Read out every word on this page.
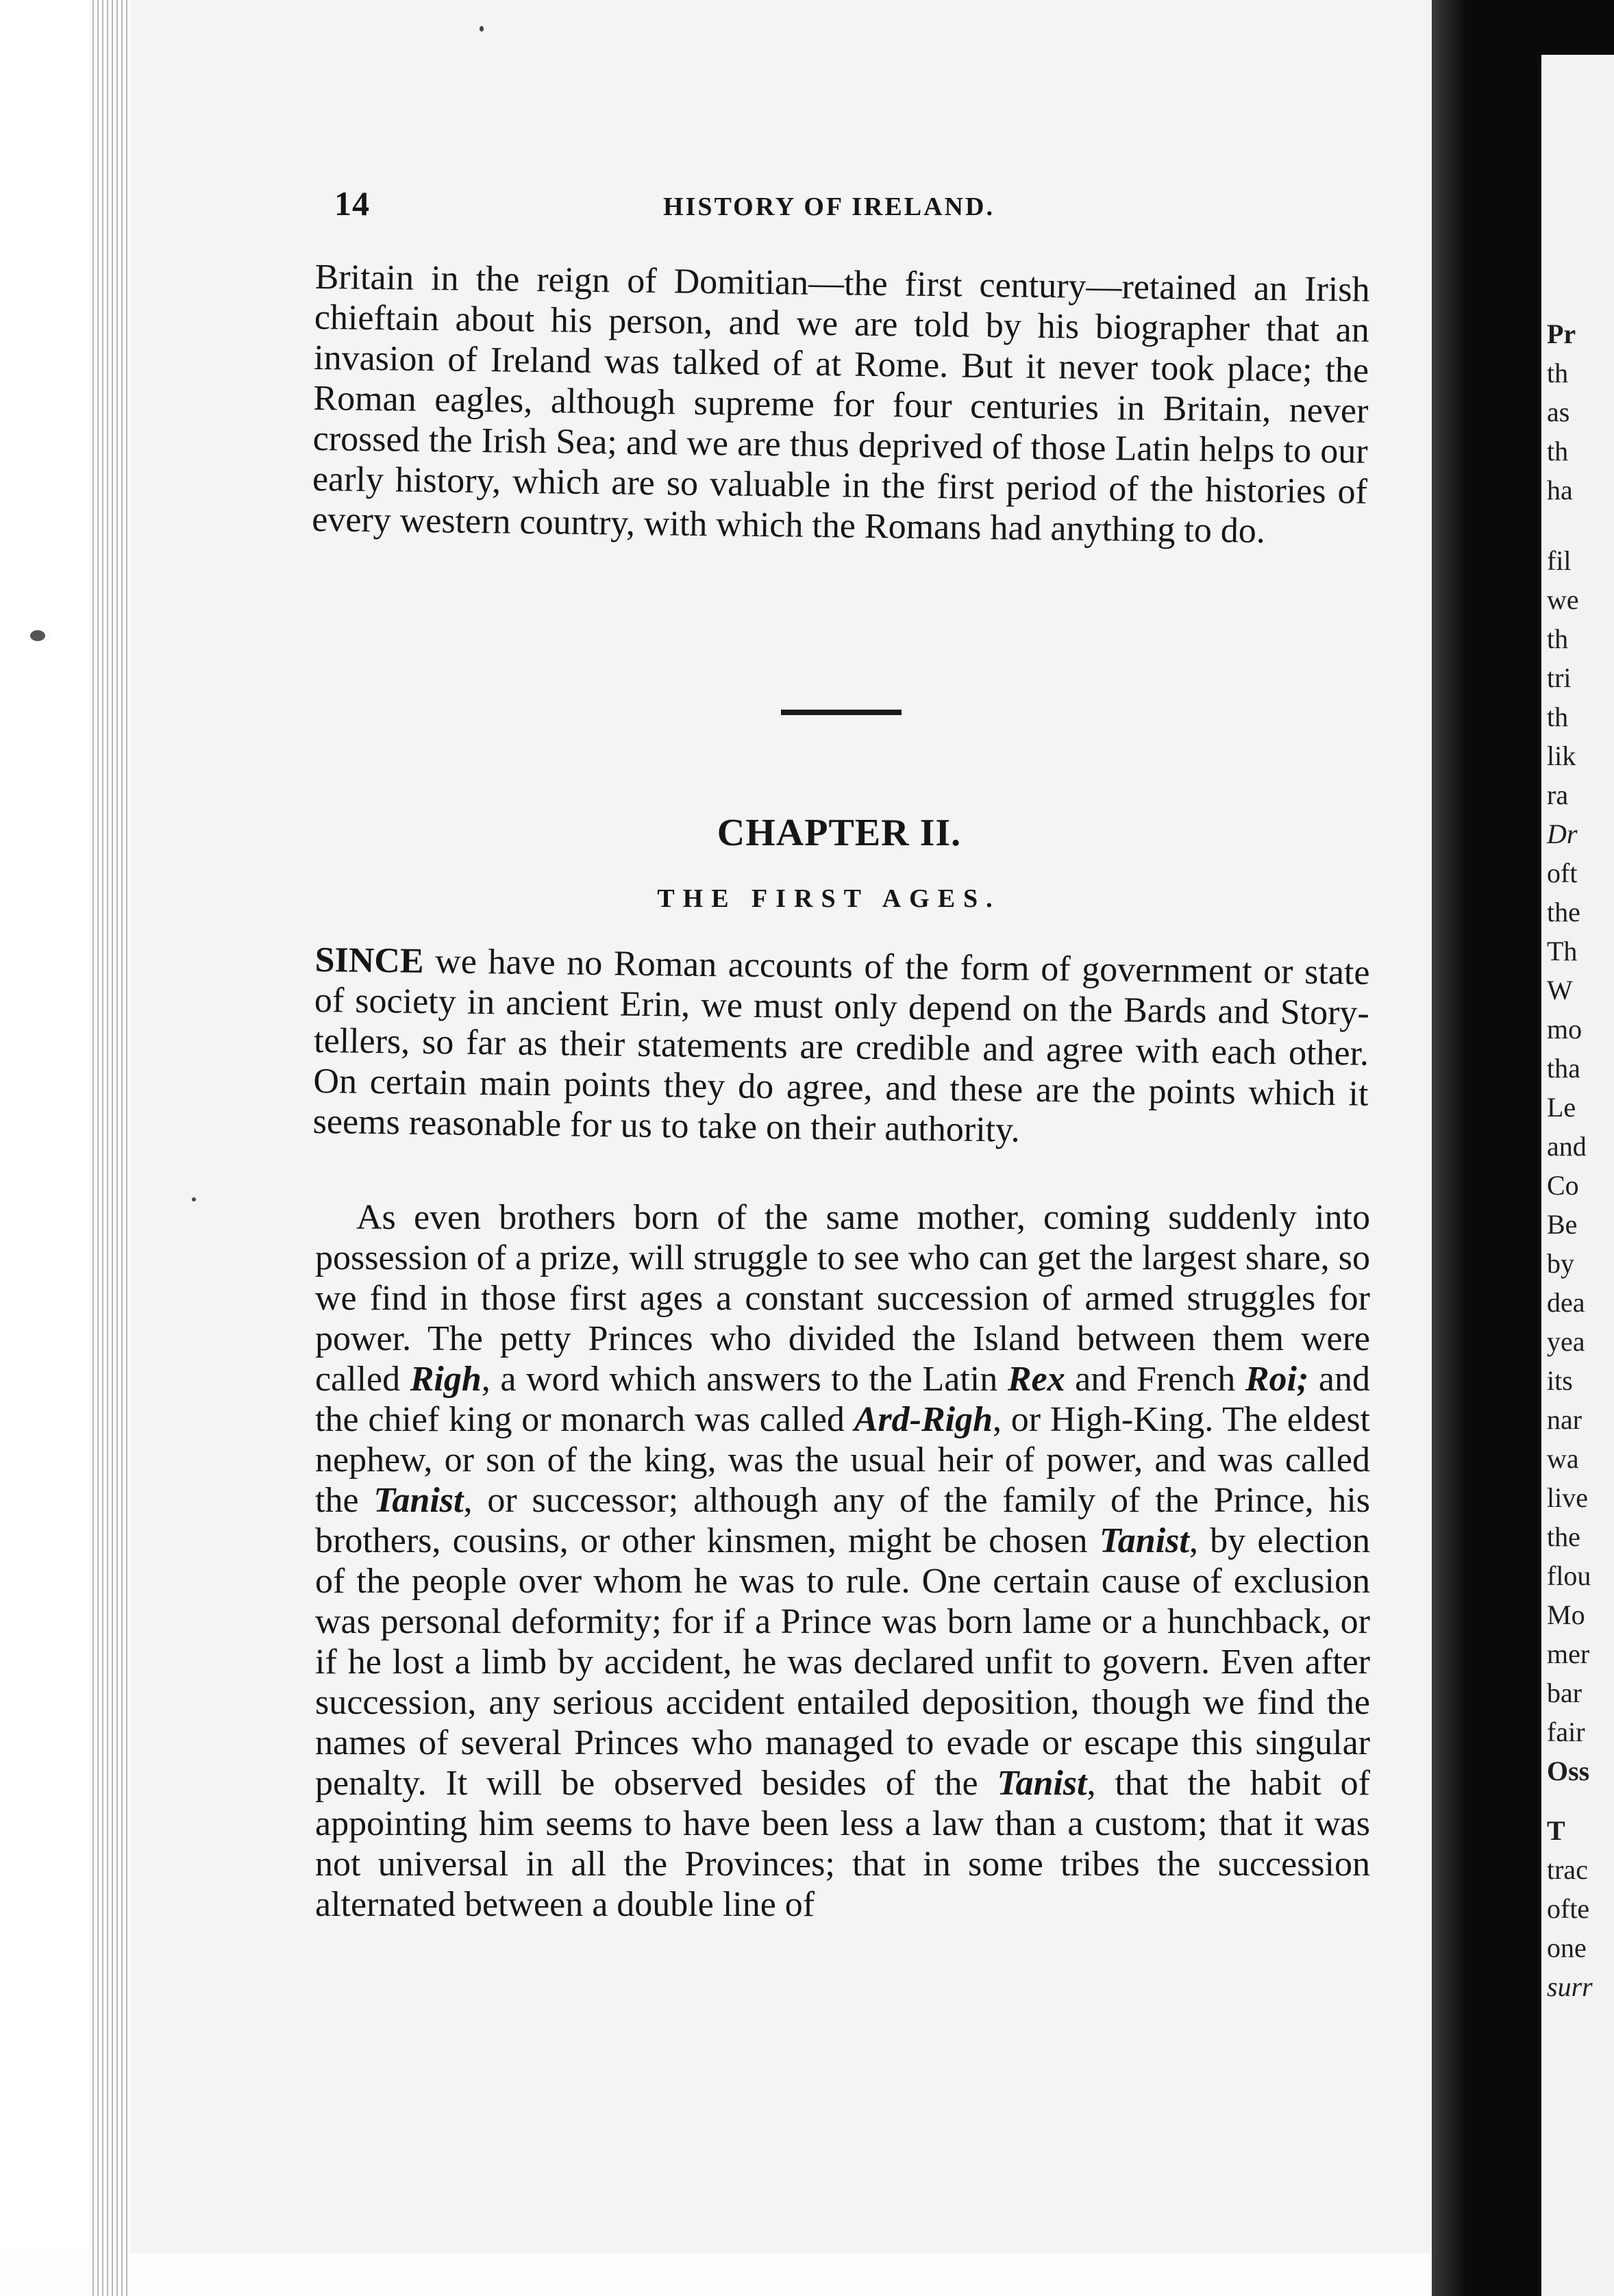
Pr
th
as
th
ha
fil
we
th
tri
th
lik
ra
Dr
oft
the
Th
W
mo
tha
Le
and
Co
Be
by
dea
yea
its
nar
wa
live
the
flou
Mo
mer
bar
fair
Oss
T
trac
ofte
one
surr
14	HISTORY OF IRELAND.

Britain in the reign of Domitian—the first century—retained an Irish chieftain about his person, and we are told by his biographer that an invasion of Ireland was talked of at Rome. But it never took place; the Roman eagles, although supreme for four centuries in Britain, never crossed the Irish Sea; and we are thus deprived of those Latin helps to our early history, which are so valuable in the first period of the histories of every western country, with which the Romans had anything to do.

CHAPTER II.
THE FIRST AGES.

SINCE we have no Roman accounts of the form of government or state of society in ancient Erin, we must only depend on the Bards and Story-tellers, so far as their statements are credible and agree with each other. On certain main points they do agree, and these are the points which it seems reasonable for us to take on their authority.

As even brothers born of the same mother, coming suddenly into possession of a prize, will struggle to see who can get the largest share, so we find in those first ages a constant succession of armed struggles for power. The petty Princes who divided the Island between them were called Righ, a word which answers to the Latin Rex and French Roi; and the chief king or monarch was called Ard-Righ, or High-King. The eldest nephew, or son of the king, was the usual heir of power, and was called the Tanist, or successor; although any of the family of the Prince, his brothers, cousins, or other kinsmen, might be chosen Tanist, by election of the people over whom he was to rule. One certain cause of exclusion was personal deformity; for if a Prince was born lame or a hunchback, or if he lost a limb by accident, he was declared unfit to govern. Even after succession, any serious accident entailed deposition, though we find the names of several Princes who managed to evade or escape this singular penalty. It will be observed besides of the Tanist, that the habit of appointing him seems to have been less a law than a custom; that it was not universal in all the Provinces; that in some tribes the succession alternated between a double line of
